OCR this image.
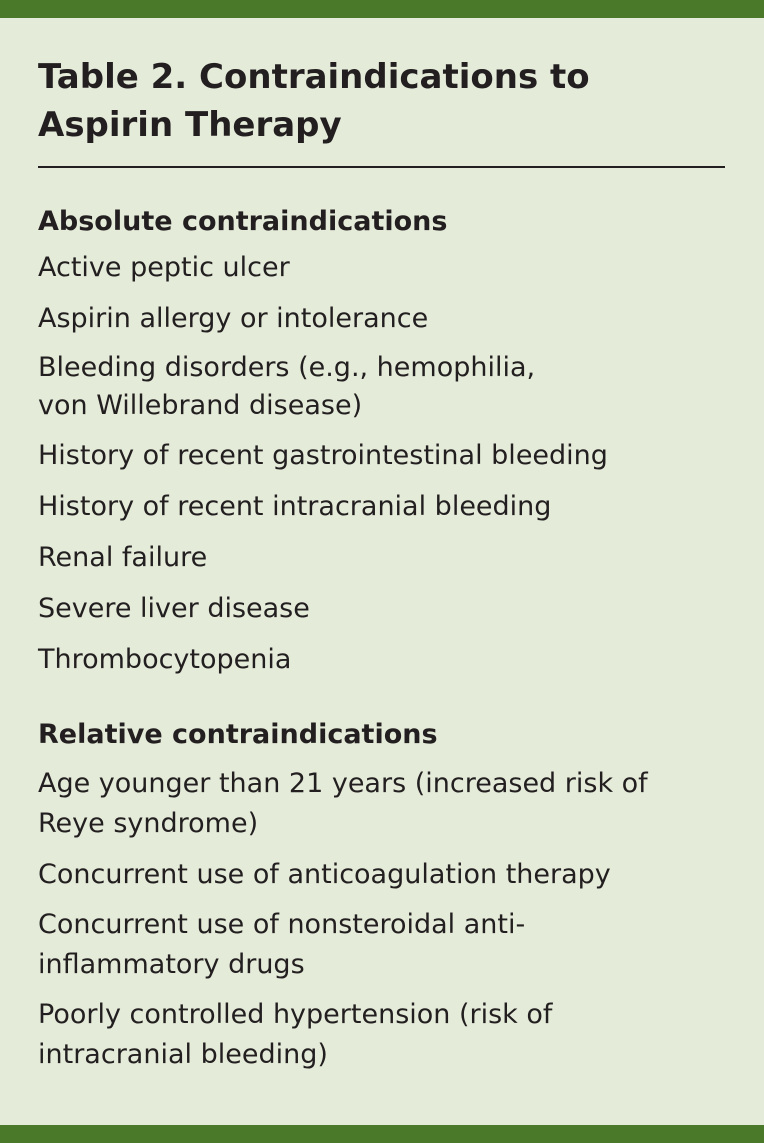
Table 2. Contraindications to
Aspirin Therapy
Absolute contraindications
Active peptic ulcer
Aspirin allergy or intolerance
Bleeding disorders (e.g., hemophilia,
von Willebrand disease)
History of recent gastrointestinal bleeding
History of recent intracranial bleeding
Renal failure
Severe liver disease
Thrombocytopenia
Relative contraindications
Age younger than 21 years (increased risk of
Reye syndrome)
Concurrent use of anticoagulation therapy
Concurrent use of nonsteroidal anti-
inflammatory drugs
Poorly controlled hypertension (risk of
intracranial bleeding)
